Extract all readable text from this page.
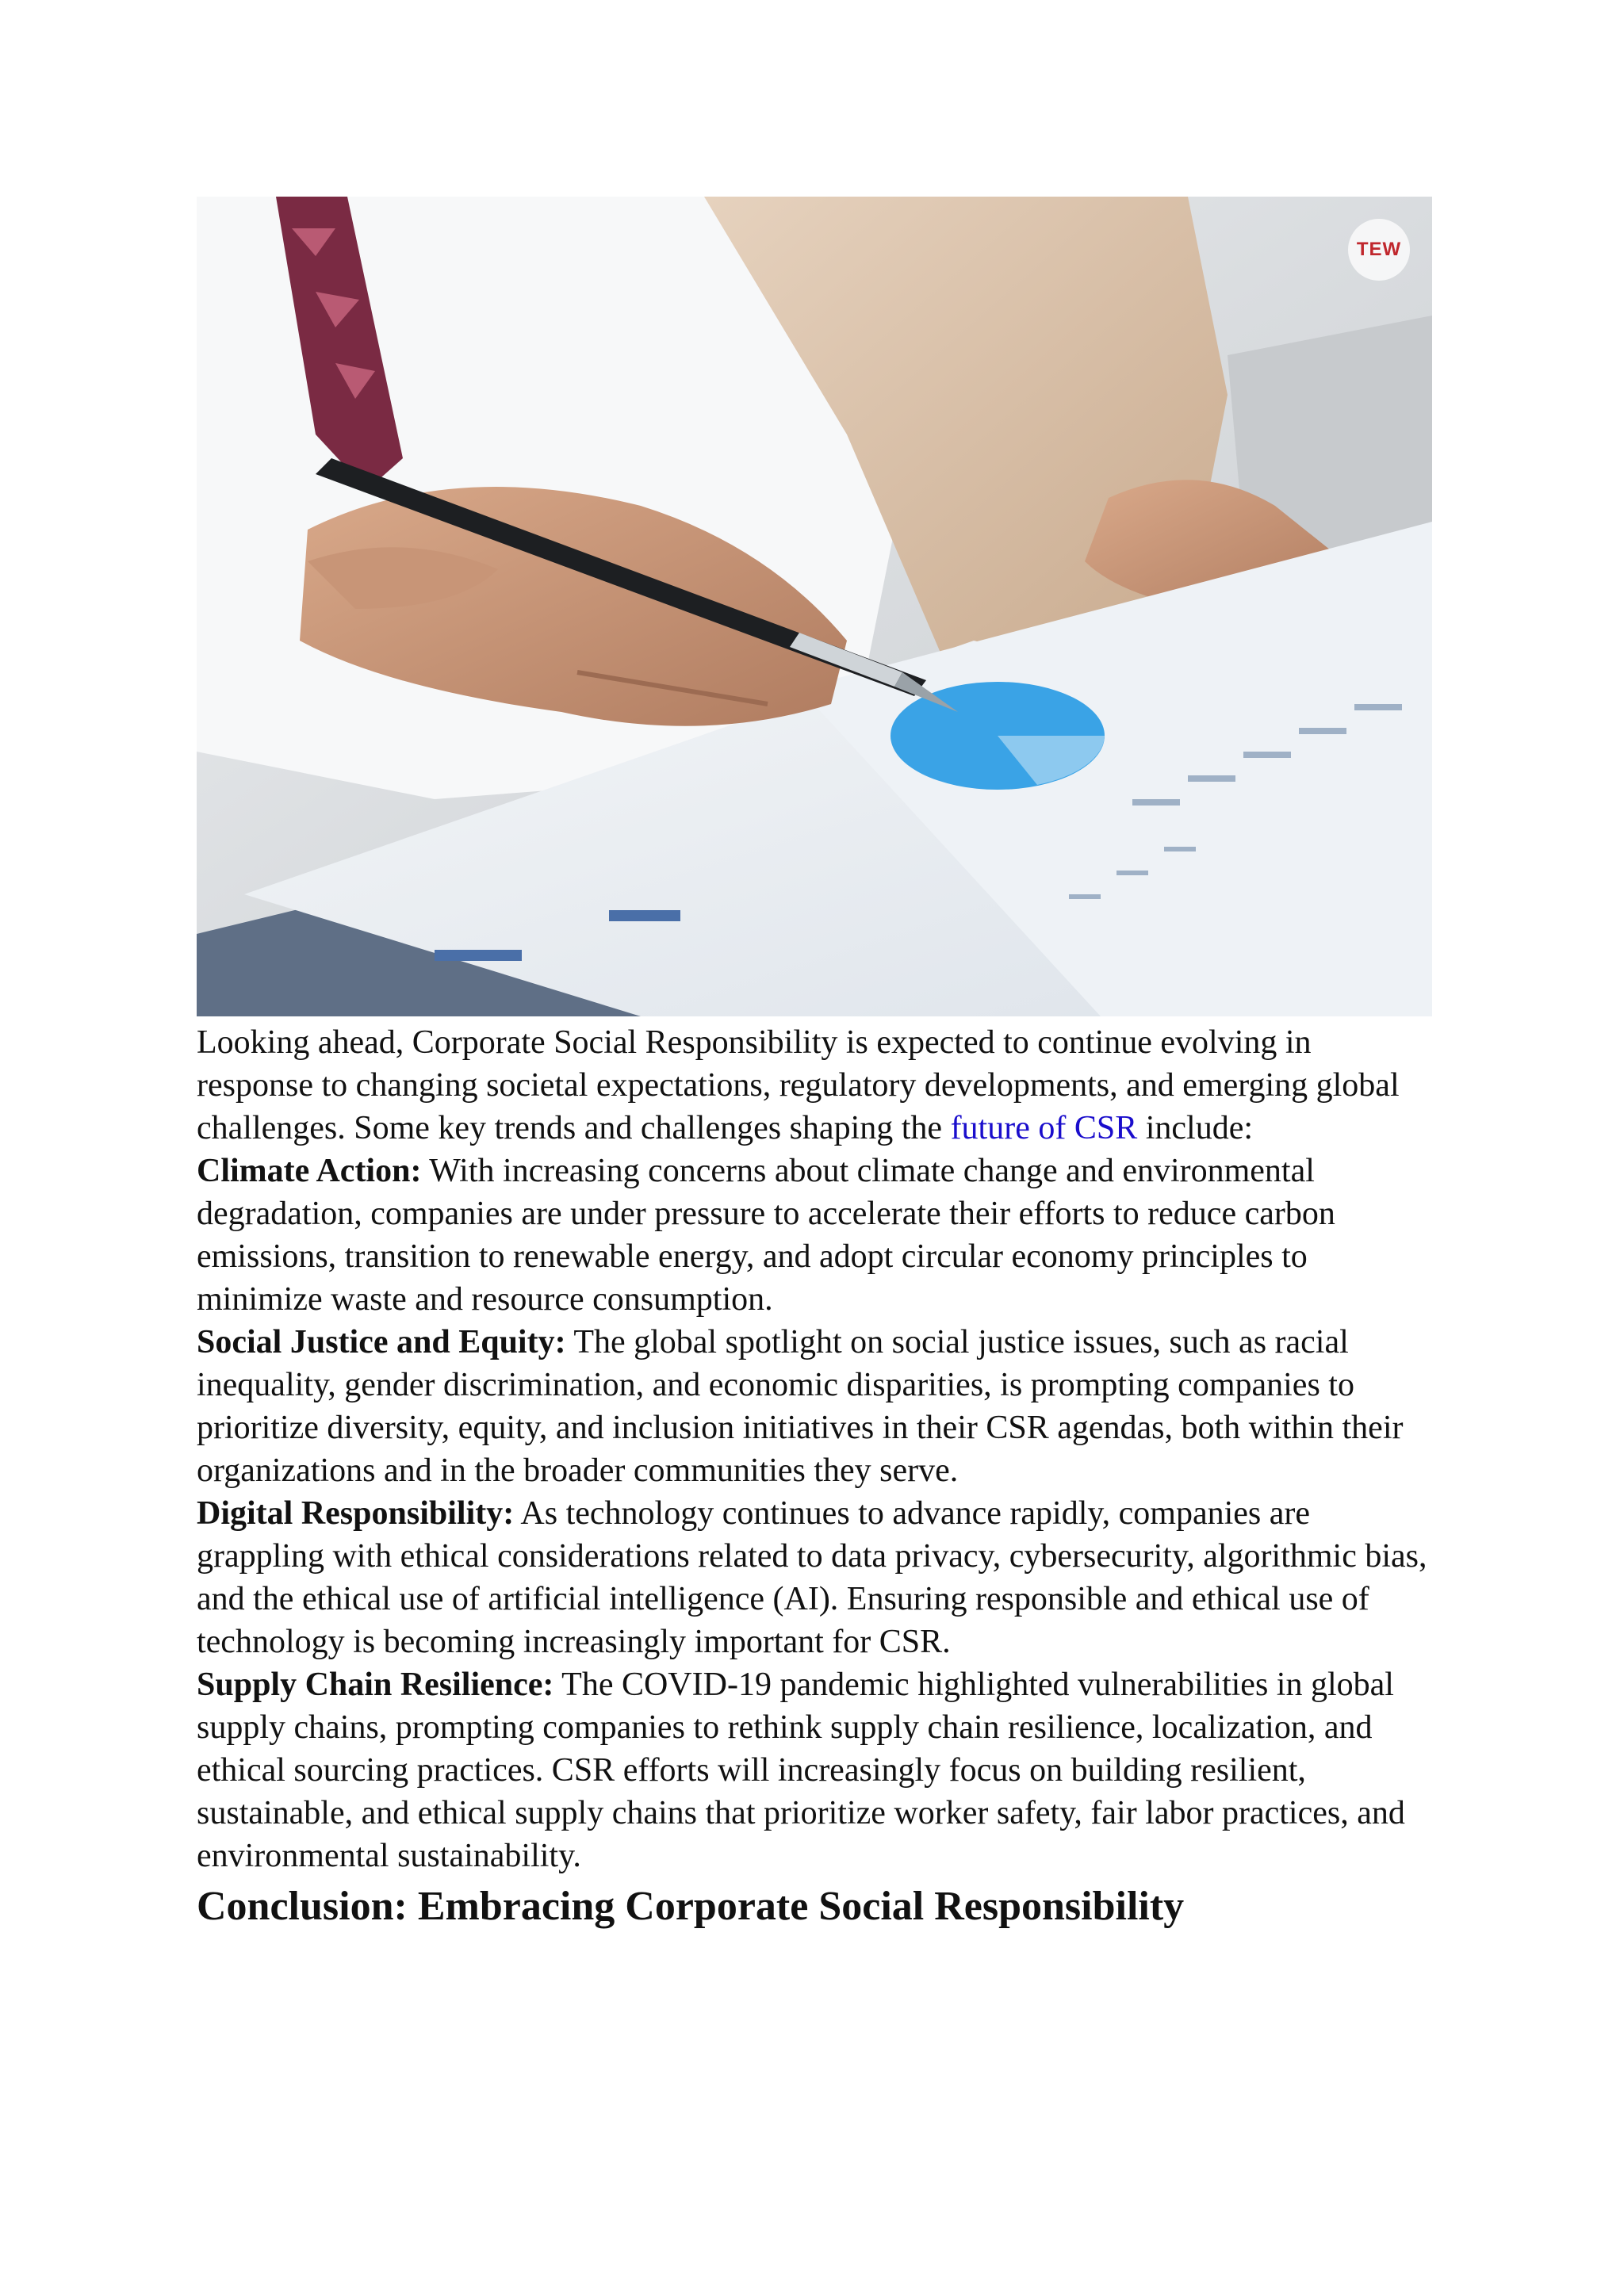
TEW

Looking ahead, Corporate Social Responsibility is expected to continue evolving in response to changing societal expectations, regulatory developments, and emerging global challenges. Some key trends and challenges shaping the future of CSR include:

Climate Action: With increasing concerns about climate change and environmental degradation, companies are under pressure to accelerate their efforts to reduce carbon emissions, transition to renewable energy, and adopt circular economy principles to minimize waste and resource consumption.

Social Justice and Equity: The global spotlight on social justice issues, such as racial inequality, gender discrimination, and economic disparities, is prompting companies to prioritize diversity, equity, and inclusion initiatives in their CSR agendas, both within their organizations and in the broader communities they serve.

Digital Responsibility: As technology continues to advance rapidly, companies are grappling with ethical considerations related to data privacy, cybersecurity, algorithmic bias, and the ethical use of artificial intelligence (AI). Ensuring responsible and ethical use of technology is becoming increasingly important for CSR.

Supply Chain Resilience: The COVID-19 pandemic highlighted vulnerabilities in global supply chains, prompting companies to rethink supply chain resilience, localization, and ethical sourcing practices. CSR efforts will increasingly focus on building resilient, sustainable, and ethical supply chains that prioritize worker safety, fair labor practices, and environmental sustainability.

Conclusion: Embracing Corporate Social Responsibility
